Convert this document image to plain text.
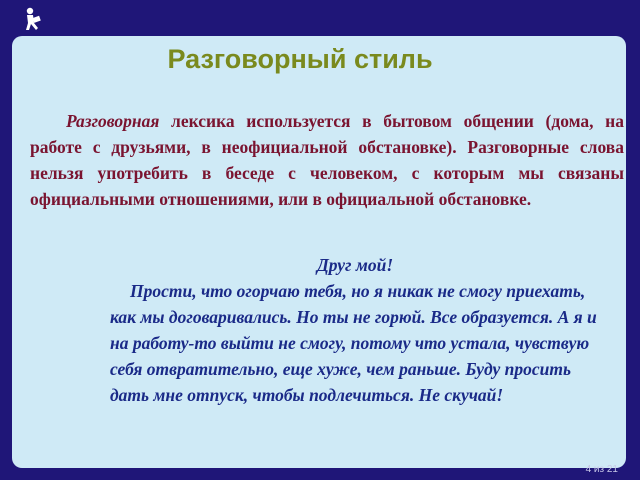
Разговорный стиль
Разговорная лексика используется в бытовом общении (дома, на работе с друзьями, в неофициальной обстановке). Разговорные слова нельзя употребить в беседе с человеком, с которым мы связаны официальными отношениями, или в официальной обстановке.
Друг мой!
Прости, что огорчаю тебя, но я никак не смогу приехать, как мы договаривались. Но ты не горюй. Все образуется. А я и на работу-то выйти не смогу, потому что устала, чувствую себя отвратительно, еще хуже, чем раньше. Буду просить дать мне отпуск, чтобы подлечиться. Не скучай!
4 из 21
